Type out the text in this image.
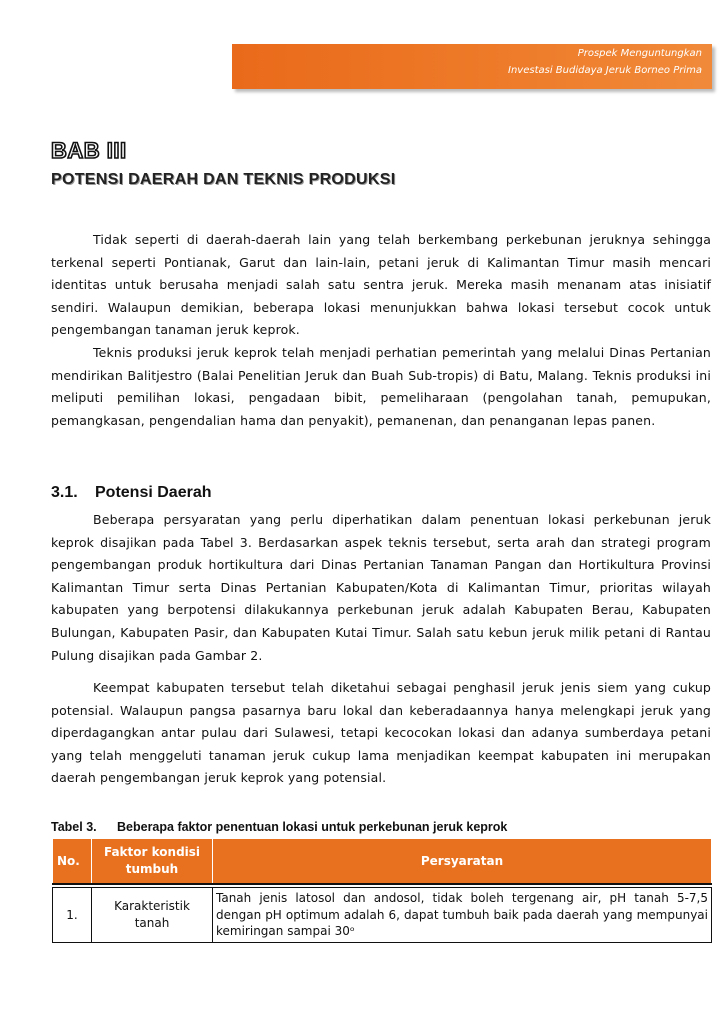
Prospek Menguntungkan
Investasi Budidaya Jeruk Borneo Prima
BAB III
POTENSI DAERAH DAN TEKNIS PRODUKSI

Tidak seperti di daerah-daerah lain yang telah berkembang perkebunan jeruknya sehingga terkenal seperti Pontianak, Garut dan lain-lain, petani jeruk di Kalimantan Timur masih mencari identitas untuk berusaha menjadi salah satu sentra jeruk. Mereka masih menanam atas inisiatif sendiri. Walaupun demikian, beberapa lokasi menunjukkan bahwa lokasi tersebut cocok untuk pengembangan tanaman jeruk keprok.

Teknis produksi jeruk keprok telah menjadi perhatian pemerintah yang melalui Dinas Pertanian mendirikan Balitjestro (Balai Penelitian Jeruk dan Buah Sub-tropis) di Batu, Malang. Teknis produksi ini meliputi pemilihan lokasi, pengadaan bibit, pemeliharaan (pengolahan tanah, pemupukan, pemangkasan, pengendalian hama dan penyakit), pemanenan, dan penanganan lepas panen.

3.1. Potensi Daerah

Beberapa persyaratan yang perlu diperhatikan dalam penentuan lokasi perkebunan jeruk keprok disajikan pada Tabel 3. Berdasarkan aspek teknis tersebut, serta arah dan strategi program pengembangan produk hortikultura dari Dinas Pertanian Tanaman Pangan dan Hortikultura Provinsi Kalimantan Timur serta Dinas Pertanian Kabupaten/Kota di Kalimantan Timur, prioritas wilayah kabupaten yang berpotensi dilakukannya perkebunan jeruk adalah Kabupaten Berau, Kabupaten Bulungan, Kabupaten Pasir, dan Kabupaten Kutai Timur. Salah satu kebun jeruk milik petani di Rantau Pulung disajikan pada Gambar 2.

Keempat kabupaten tersebut telah diketahui sebagai penghasil jeruk jenis siem yang cukup potensial. Walaupun pangsa pasarnya baru lokal dan keberadaannya hanya melengkapi jeruk yang diperdagangkan antar pulau dari Sulawesi, tetapi kecocokan lokasi dan adanya sumberdaya petani yang telah menggeluti tanaman jeruk cukup lama menjadikan keempat kabupaten ini merupakan daerah pengembangan jeruk keprok yang potensial.

Tabel 3. Beberapa faktor penentuan lokasi untuk perkebunan jeruk keprok
No.	Faktor kondisi tumbuh	Persyaratan

1.	Karakteristik tanah	Tanah jenis latosol dan andosol, tidak boleh tergenang air, pH tanah 5-7,5 dengan pH optimum adalah 6, dapat tumbuh baik pada daerah yang mempunyai kemiringan sampai 30ᵒ
